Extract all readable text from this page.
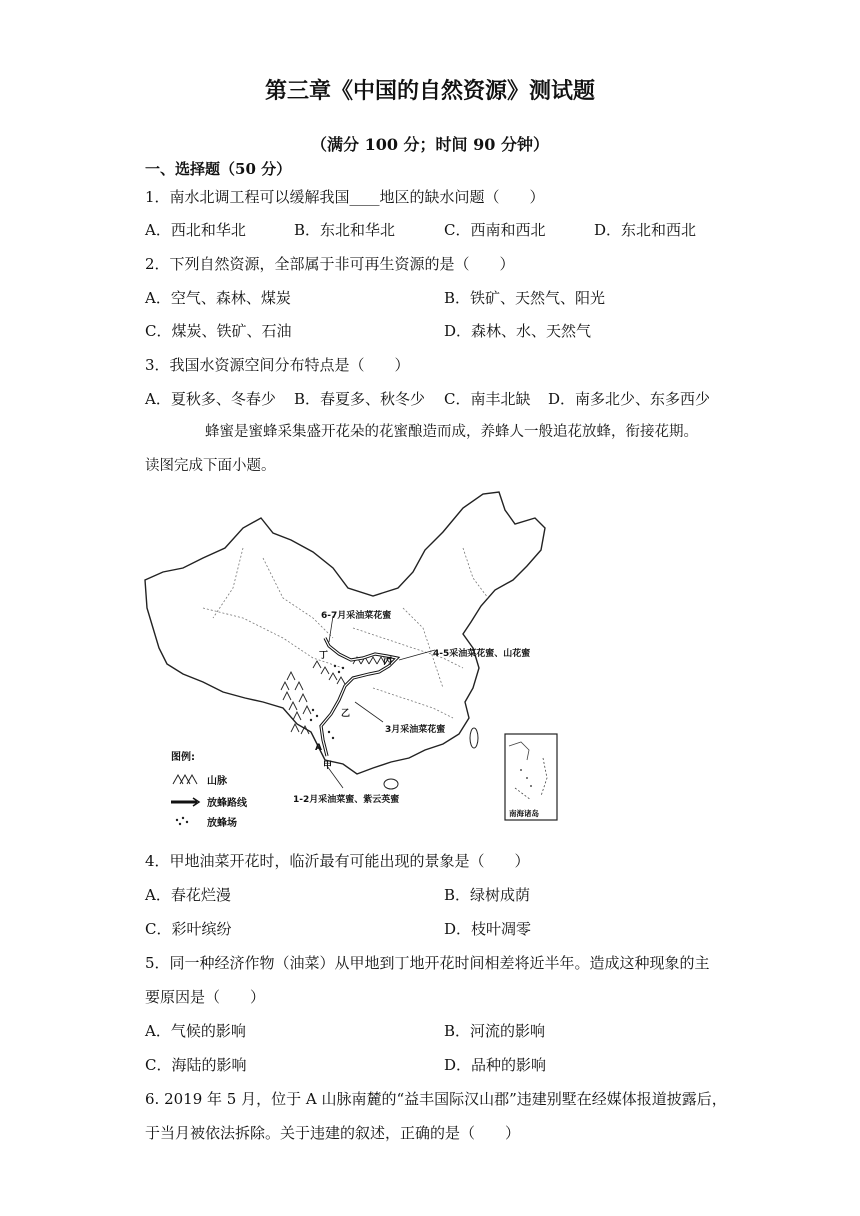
第三章《中国的自然资源》测试题
（满分 100 分；时间 90 分钟）
一、选择题（50 分）
1．南水北调工程可以缓解我国____地区的缺水问题（　　）
A．西北和华北	B．东北和华北	C．西南和西北	D．东北和西北
2．下列自然资源，全部属于非可再生资源的是（　　）
A．空气、森林、煤炭	B．铁矿、天然气、阳光
C．煤炭、铁矿、石油	D．森林、水、天然气
3．我国水资源空间分布特点是（　　）
A．夏秋多、冬春少 B．春夏多、秋冬少 C．南丰北缺 D．南多北少、东多西少
蜂蜜是蜜蜂采集盛开花朵的花蜜酿造而成，养蜂人一般追花放蜂，衔接花期。
读图完成下面小题。
6-7月采油菜花蜜
4-5采油菜花蜜、山花蜜
3月采油菜花蜜
1-2月采油菜蜜、紫云英蜜
丁
丙
乙
甲
A
图例:
山脉
放蜂路线
放蜂场
南海诸岛
4．甲地油菜开花时，临沂最有可能出现的景象是（　　）
A．春花烂漫	B．绿树成荫
C．彩叶缤纷	D．枝叶凋零
5．同一种经济作物（油菜）从甲地到丁地开花时间相差将近半年。造成这种现象的主
要原因是（　　）
A．气候的影响	B．河流的影响
C．海陆的影响	D．品种的影响
6. 2019 年 5 月，位于 A 山脉南麓的“益丰国际汉山郡”违建别墅在经媒体报道披露后，
于当月被依法拆除。关于违建的叙述，正确的是（　　）
